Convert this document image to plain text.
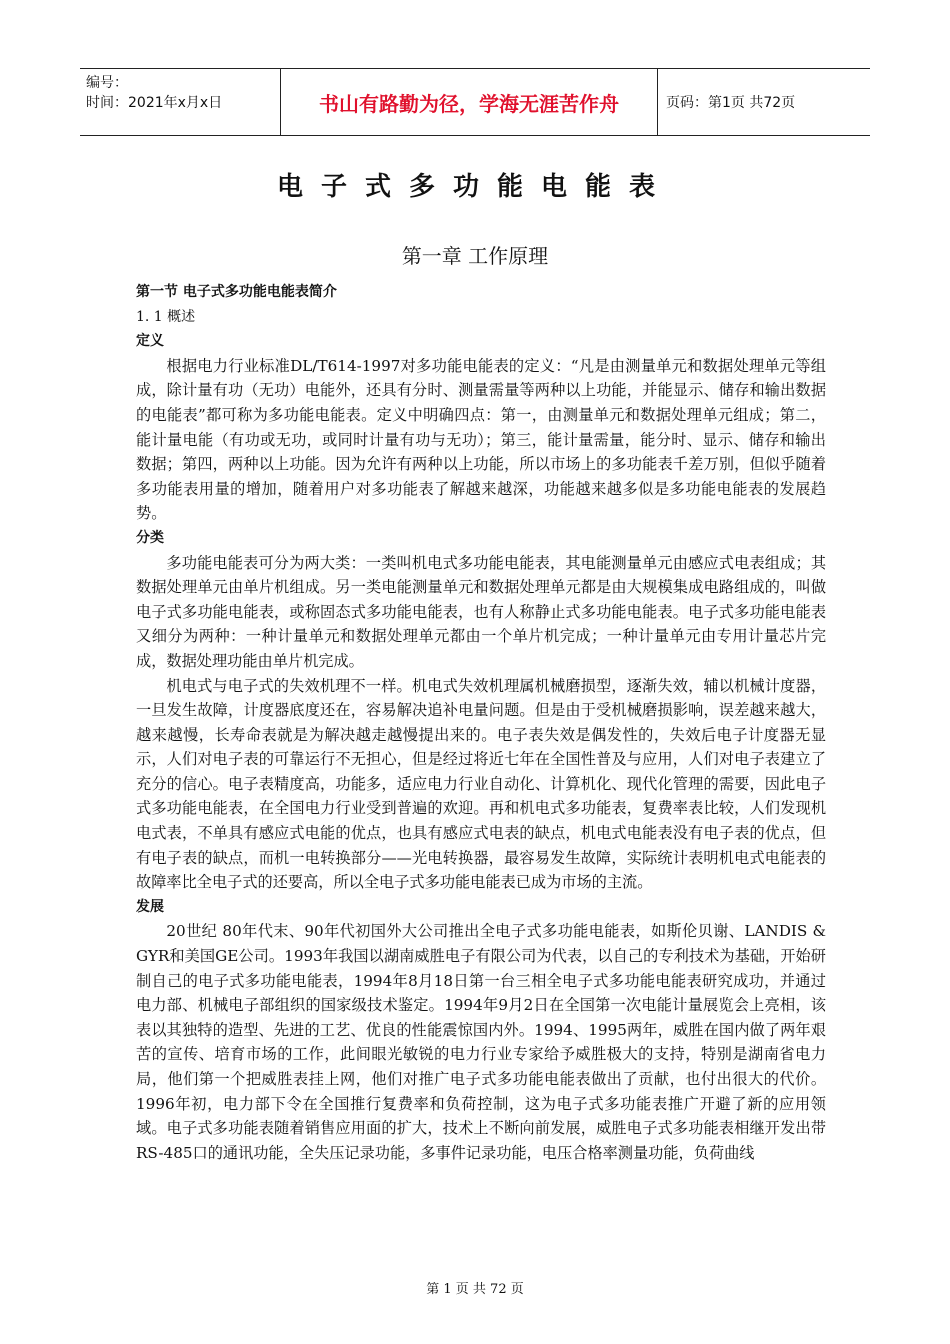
编号：
时间：2021年x月x日	书山有路勤为径，学海无涯苦作舟	页码：第1页 共72页
电子式多功能电能表
第一章 工作原理
第一节 电子式多功能电能表简介
1. 1 概述
定义
根据电力行业标准DL/T614-1997对多功能电能表的定义：“凡是由测量单元和数据处理单元等组成，除计量有功（无功）电能外，还具有分时、测量需量等两种以上功能，并能显示、储存和输出数据的电能表”都可称为多功能电能表。定义中明确四点：第一，由测量单元和数据处理单元组成；第二，能计量电能（有功或无功，或同时计量有功与无功）；第三，能计量需量，能分时、显示、储存和输出数据；第四，两种以上功能。因为允许有两种以上功能，所以市场上的多功能表千差万别，但似乎随着多功能表用量的增加，随着用户对多功能表了解越来越深，功能越来越多似是多功能电能表的发展趋势。
分类
多功能电能表可分为两大类：一类叫机电式多功能电能表，其电能测量单元由感应式电表组成；其数据处理单元由单片机组成。另一类电能测量单元和数据处理单元都是由大规模集成电路组成的，叫做电子式多功能电能表，或称固态式多功能电能表，也有人称静止式多功能电能表。电子式多功能电能表又细分为两种：一种计量单元和数据处理单元都由一个单片机完成；一种计量单元由专用计量芯片完成，数据处理功能由单片机完成。
机电式与电子式的失效机理不一样。机电式失效机理属机械磨损型，逐渐失效，辅以机械计度器，一旦发生故障，计度器底度还在，容易解决追补电量问题。但是由于受机械磨损影响，误差越来越大，越来越慢，长寿命表就是为解决越走越慢提出来的。电子表失效是偶发性的，失效后电子计度器无显示，人们对电子表的可靠运行不无担心，但是经过将近七年在全国性普及与应用，人们对电子表建立了充分的信心。电子表精度高，功能多，适应电力行业自动化、计算机化、现代化管理的需要，因此电子式多功能电能表，在全国电力行业受到普遍的欢迎。再和机电式多功能表，复费率表比较，人们发现机电式表，不单具有感应式电能的优点，也具有感应式电表的缺点，机电式电能表没有电子表的优点，但有电子表的缺点，而机一电转换部分——光电转换器，最容易发生故障，实际统计表明机电式电能表的故障率比全电子式的还要高，所以全电子式多功能电能表已成为市场的主流。
发展
20世纪 80年代末、90年代初国外大公司推出全电子式多功能电能表，如斯伦贝谢、LANDIS & GYR和美国GE公司。1993年我国以湖南威胜电子有限公司为代表，以自己的专利技术为基础，开始研制自己的电子式多功能电能表，1994年8月18日第一台三相全电子式多功能电能表研究成功，并通过电力部、机械电子部组织的国家级技术鉴定。1994年9月2日在全国第一次电能计量展览会上亮相，该表以其独特的造型、先进的工艺、优良的性能震惊国内外。1994、1995两年，威胜在国内做了两年艰苦的宣传、培育市场的工作，此间眼光敏锐的电力行业专家给予威胜极大的支持，特别是湖南省电力局，他们第一个把威胜表挂上网，他们对推广电子式多功能电能表做出了贡献，也付出很大的代价。1996年初，电力部下令在全国推行复费率和负荷控制，这为电子式多功能表推广开避了新的应用领域。电子式多功能表随着销售应用面的扩大，技术上不断向前发展，威胜电子式多功能表相继开发出带RS-485口的通讯功能，全失压记录功能，多事件记录功能，电压合格率测量功能，负荷曲线
第 1 页 共 72 页
